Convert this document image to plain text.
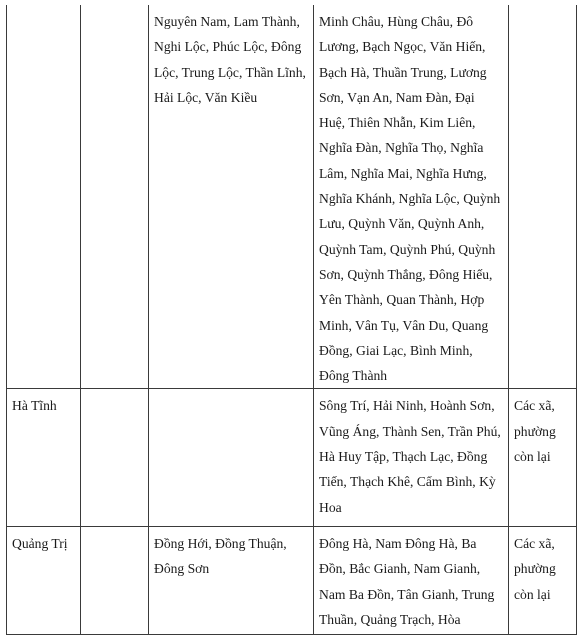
		Nguyên Nam, Lam Thành, Nghi Lộc, Phúc Lộc, Đông Lộc, Trung Lộc, Thần Lĩnh, Hải Lộc, Văn Kiều	Minh Châu, Hùng Châu, Đô Lương, Bạch Ngọc, Văn Hiến, Bạch Hà, Thuần Trung, Lương Sơn, Vạn An, Nam Đàn, Đại Huệ, Thiên Nhẫn, Kim Liên, Nghĩa Đàn, Nghĩa Thọ, Nghĩa Lâm, Nghĩa Mai, Nghĩa Hưng, Nghĩa Khánh, Nghĩa Lộc, Quỳnh Lưu, Quỳnh Văn, Quỳnh Anh, Quỳnh Tam, Quỳnh Phú, Quỳnh Sơn, Quỳnh Thắng, Đông Hiếu, Yên Thành, Quan Thành, Hợp Minh, Vân Tụ, Vân Du, Quang Đồng, Giai Lạc, Bình Minh, Đông Thành	
Hà Tĩnh			Sông Trí, Hải Ninh, Hoành Sơn, Vũng Áng, Thành Sen, Trần Phú, Hà Huy Tập, Thạch Lạc, Đồng Tiến, Thạch Khê, Cẩm Bình, Kỳ Hoa	Các xã, phường còn lại
Quảng Trị		Đồng Hới, Đồng Thuận, Đông Sơn	Đông Hà, Nam Đông Hà, Ba Đồn, Bắc Gianh, Nam Gianh, Nam Ba Đồn, Tân Gianh, Trung Thuần, Quảng Trạch, Hòa	Các xã, phường còn lại
